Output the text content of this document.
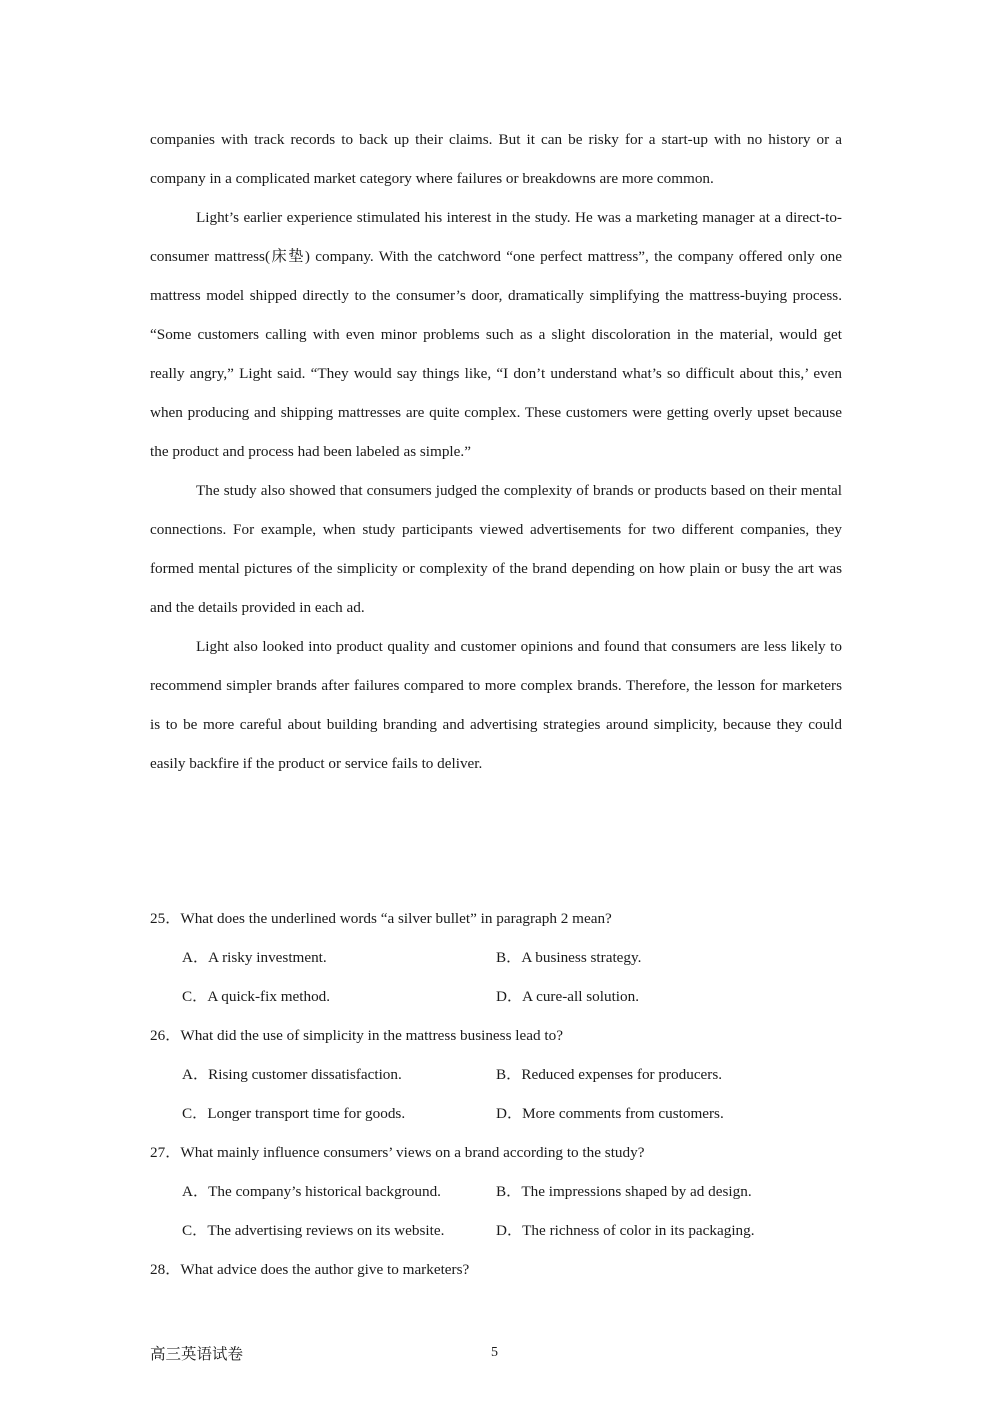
companies with track records to back up their claims. But it can be risky for a start-up with no history or a company in a complicated market category where failures or breakdowns are more common.

Light’s earlier experience stimulated his interest in the study. He was a marketing manager at a direct-to-consumer mattress(床垫) company. With the catchword “one perfect mattress”, the company offered only one mattress model shipped directly to the consumer’s door, dramatically simplifying the mattress-buying process. “Some customers calling with even minor problems such as a slight discoloration in the material, would get really angry,” Light said. “They would say things like, “I don’t understand what’s so difficult about this,’ even when producing and shipping mattresses are quite complex. These customers were getting overly upset because the product and process had been labeled as simple.”

The study also showed that consumers judged the complexity of brands or products based on their mental connections. For example, when study participants viewed advertisements for two different companies, they formed mental pictures of the simplicity or complexity of the brand depending on how plain or busy the art was and the details provided in each ad.

Light also looked into product quality and customer opinions and found that consumers are less likely to recommend simpler brands after failures compared to more complex brands. Therefore, the lesson for marketers is to be more careful about building branding and advertising strategies around simplicity, because they could easily backfire if the product or service fails to deliver.

25．What does the underlined words “a silver bullet” in paragraph 2 mean?
A．A risky investment.	B．A business strategy.
C．A quick-fix method.	D．A cure-all solution.
26．What did the use of simplicity in the mattress business lead to?
A．Rising customer dissatisfaction.	B．Reduced expenses for producers.
C．Longer transport time for goods.	D．More comments from customers.
27．What mainly influence consumers’ views on a brand according to the study?
A．The company’s historical background.	B．The impressions shaped by ad design.
C．The advertising reviews on its website.	D．The richness of color in its packaging.
28．What advice does the author give to marketers?
高三英语试卷	5
